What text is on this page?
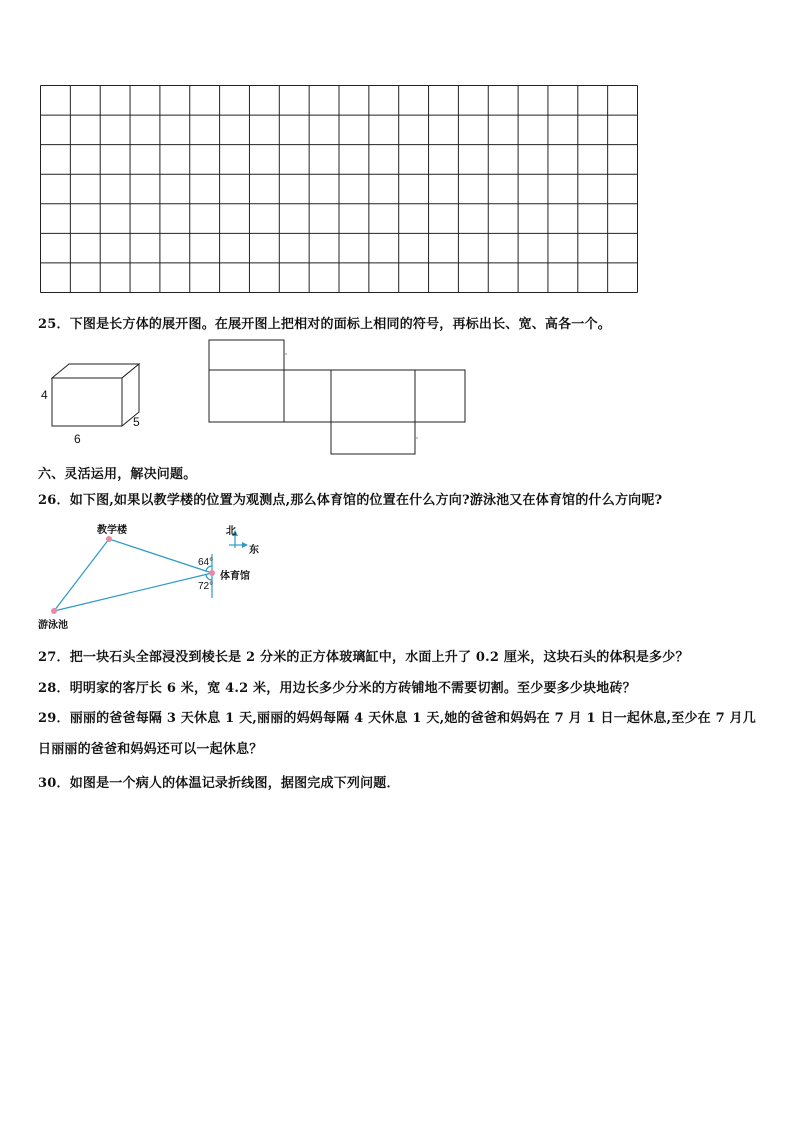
25．下图是长方体的展开图。在展开图上把相对的面标上相同的符号，再标出长、宽、高各一个。
4
5
6
六、灵活运用，解决问题。
26．如下图,如果以教学楼的位置为观测点,那么体育馆的位置在什么方向?游泳池又在体育馆的什么方向呢?
教学楼	北
东
64°
体育馆
72°
游泳池
27．把一块石头全部浸没到棱长是 2 分米的正方体玻璃缸中，水面上升了 0.2 厘米，这块石头的体积是多少？
28．明明家的客厅长 6 米，宽 4.2 米，用边长多少分米的方砖铺地不需要切割。至少要多少块地砖？
29．丽丽的爸爸每隔 3 天休息 1 天,丽丽的妈妈每隔 4 天休息 1 天,她的爸爸和妈妈在 7 月 1 日一起休息,至少在 7 月几
日丽丽的爸爸和妈妈还可以一起休息？
30．如图是一个病人的体温记录折线图，据图完成下列问题．
